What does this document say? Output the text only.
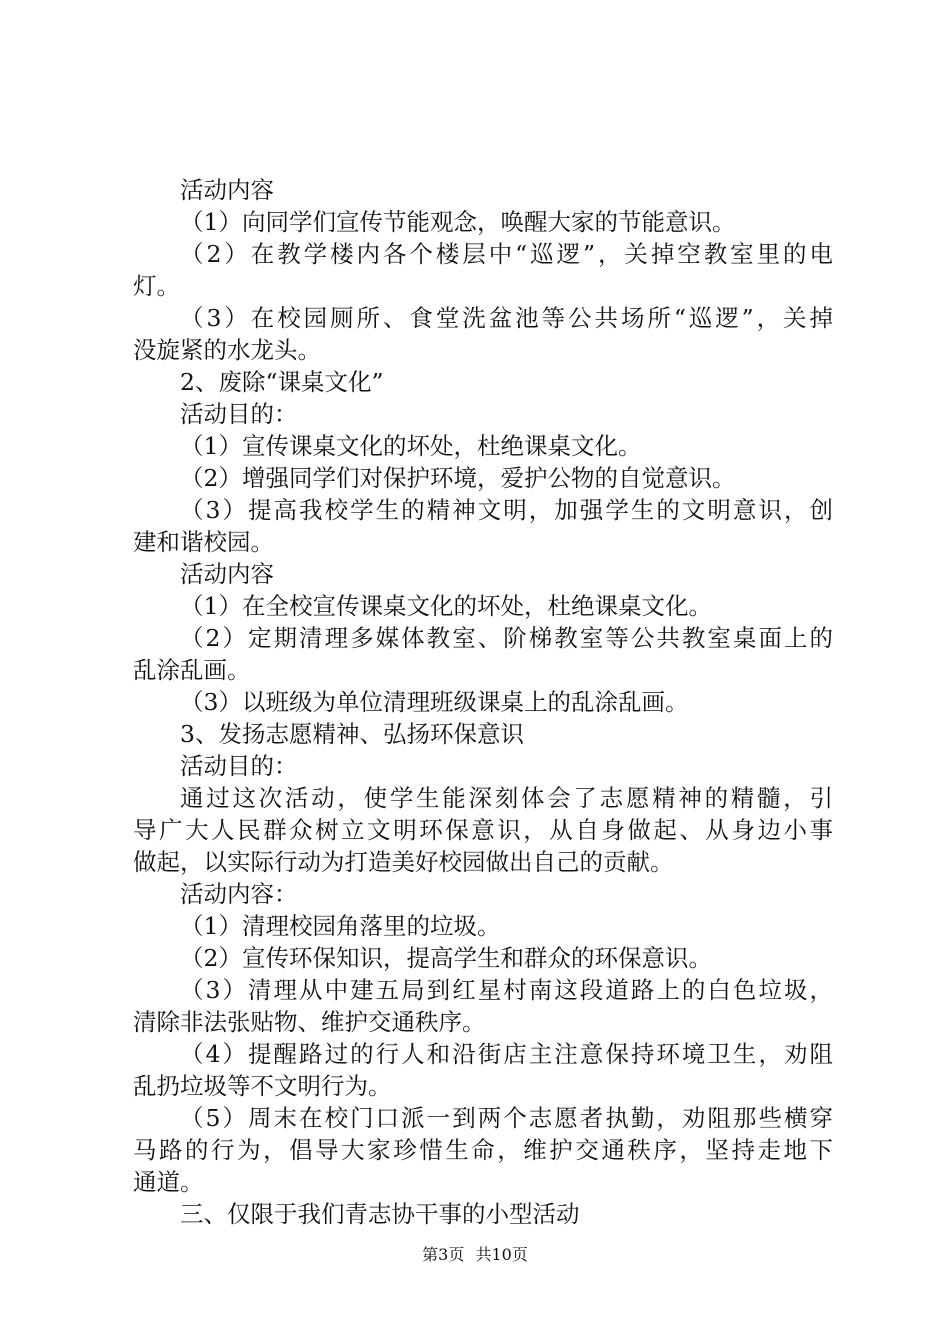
活动内容
（1）向同学们宣传节能观念，唤醒大家的节能意识。
（2）在教学楼内各个楼层中“巡逻”，关掉空教室里的电
灯。
（3）在校园厕所、食堂洗盆池等公共场所“巡逻”，关掉
没旋紧的水龙头。
2、废除“课桌文化”
活动目的：
（1）宣传课桌文化的坏处，杜绝课桌文化。
（2）增强同学们对保护环境，爱护公物的自觉意识。
（3）提高我校学生的精神文明，加强学生的文明意识，创
建和谐校园。
活动内容
（1）在全校宣传课桌文化的坏处，杜绝课桌文化。
（2）定期清理多媒体教室、阶梯教室等公共教室桌面上的
乱涂乱画。
（3）以班级为单位清理班级课桌上的乱涂乱画。
3、发扬志愿精神、弘扬环保意识
活动目的：
通过这次活动，使学生能深刻体会了志愿精神的精髓，引
导广大人民群众树立文明环保意识，从自身做起、从身边小事
做起，以实际行动为打造美好校园做出自己的贡献。
活动内容：
（1）清理校园角落里的垃圾。
（2）宣传环保知识，提高学生和群众的环保意识。
（3）清理从中建五局到红星村南这段道路上的白色垃圾，
清除非法张贴物、维护交通秩序。
（4）提醒路过的行人和沿街店主注意保持环境卫生，劝阻
乱扔垃圾等不文明行为。
（5）周末在校门口派一到两个志愿者执勤，劝阻那些横穿
马路的行为，倡导大家珍惜生命，维护交通秩序，坚持走地下
通道。
三、仅限于我们青志协干事的小型活动
第3页 共10页
